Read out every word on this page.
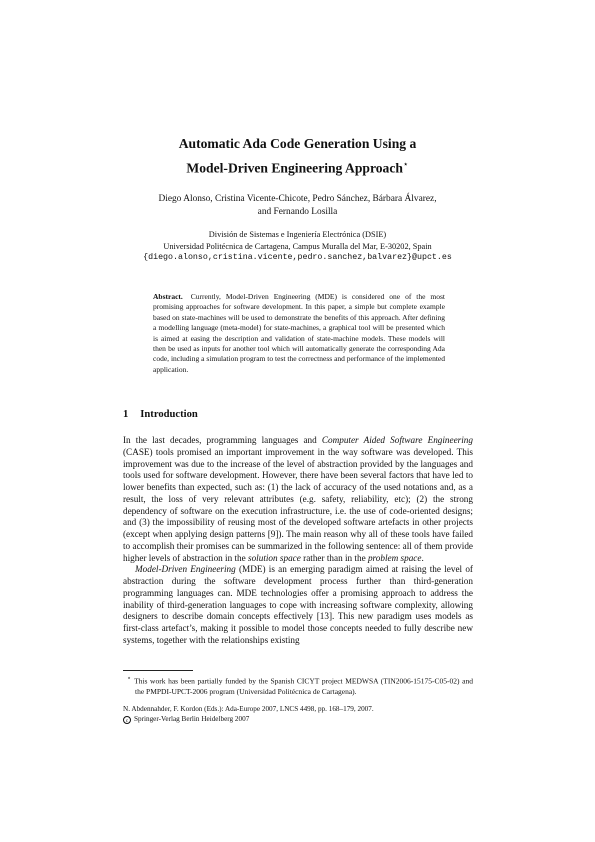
Automatic Ada Code Generation Using a
Model-Driven Engineering Approach⋆
Diego Alonso, Cristina Vicente-Chicote, Pedro Sánchez, Bárbara Álvarez,
and Fernando Losilla
División de Sistemas e Ingeniería Electrónica (DSIE)
Universidad Politécnica de Cartagena, Campus Muralla del Mar, E-30202, Spain
{diego.alonso,cristina.vicente,pedro.sanchez,balvarez}@upct.es
Abstract. Currently, Model-Driven Engineering (MDE) is considered one of the most promising approaches for software development. In this paper, a simple but complete example based on state-machines will be used to demonstrate the benefits of this approach. After defining a modelling language (meta-model) for state-machines, a graphical tool will be presented which is aimed at easing the description and validation of state-machine models. These models will then be used as inputs for another tool which will automatically generate the corresponding Ada code, including a simulation program to test the correctness and performance of the implemented application.
1 Introduction

In the last decades, programming languages and Computer Aided Software Engineering (CASE) tools promised an important improvement in the way software was developed. This improvement was due to the increase of the level of abstraction provided by the languages and tools used for software development. However, there have been several factors that have led to lower benefits than expected, such as: (1) the lack of accuracy of the used notations and, as a result, the loss of very relevant attributes (e.g. safety, reliability, etc); (2) the strong dependency of software on the execution infrastructure, i.e. the use of code-oriented designs; and (3) the impossibility of reusing most of the developed software artefacts in other projects (except when applying design patterns [9]). The main reason why all of these tools have failed to accomplish their promises can be summarized in the following sentence: all of them provide higher levels of abstraction in the solution space rather than in the problem space.

Model-Driven Engineering (MDE) is an emerging paradigm aimed at raising the level of abstraction during the software development process further than third-generation programming languages can. MDE technologies offer a promising approach to address the inability of third-generation languages to cope with increasing software complexity, allowing designers to describe domain concepts effectively [13]. This new paradigm uses models as first-class artefact’s, making it possible to model those concepts needed to fully describe new systems, together with the relationships existing

⋆ This work has been partially funded by the Spanish CICYT project MEDWSA (TIN2006-15175-C05-02) and the PMPDI-UPCT-2006 program (Universidad Politécnica de Cartagena).
N. Abdennahder, F. Kordon (Eds.): Ada-Europe 2007, LNCS 4498, pp. 168–179, 2007.
c Springer-Verlag Berlin Heidelberg 2007
